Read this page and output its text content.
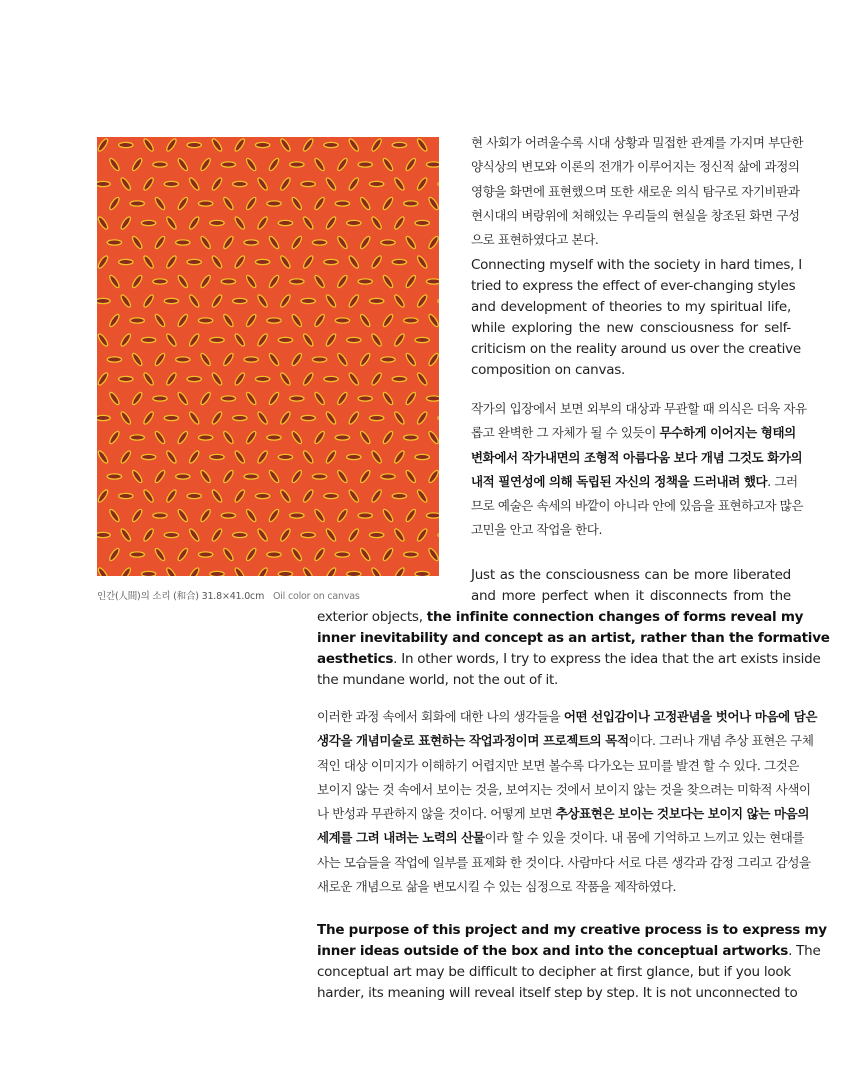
인간(人間)의 소리 (和合) 31.8×41.0cm Oil color on canvas
현 사회가 어려울수록 시대 상황과 밀접한 관계를 가지며 부단한
양식상의 변모와 이론의 전개가 이루어지는 정신적 삶에 과정의
영향을 화면에 표현했으며 또한 새로운 의식 탐구로 자기비판과
현시대의 벼랑위에 처해있는 우리들의 현실을 창조된 화면 구성
으로 표현하였다고 본다.
Connecting myself with the society in hard times, I
tried to express the effect of ever-changing styles
and development of theories to my spiritual life,
while exploring the new consciousness for self-
criticism on the reality around us over the creative
composition on canvas.
작가의 입장에서 보면 외부의 대상과 무관할 때 의식은 더욱 자유
롭고 완벽한 그 자체가 될 수 있듯이 무수하게 이어지는 형태의
변화에서 작가내면의 조형적 아름다움 보다 개념 그것도 화가의
내적 필연성에 의해 독립된 자신의 정책을 드러내려 했다. 그러
므로 예술은 속세의 바깥이 아니라 안에 있음을 표현하고자 많은
고민을 안고 작업을 한다.
Just as the consciousness can be more liberated
and more perfect when it disconnects from the
exterior objects, the infinite connection changes of forms reveal my
inner inevitability and concept as an artist, rather than the formative
aesthetics. In other words, I try to express the idea that the art exists inside
the mundane world, not the out of it.
이러한 과정 속에서 회화에 대한 나의 생각들을 어떤 선입감이나 고정관념을 벗어나 마음에 담은
생각을 개념미술로 표현하는 작업과정이며 프로젝트의 목적이다. 그러나 개념 추상 표현은 구체
적인 대상 이미지가 이해하기 어렵지만 보면 볼수록 다가오는 묘미를 발견 할 수 있다. 그것은
보이지 않는 것 속에서 보이는 것을, 보여지는 것에서 보이지 않는 것을 찾으려는 미학적 사색이
나 반성과 무관하지 않을 것이다. 어떻게 보면 추상표현은 보이는 것보다는 보이지 않는 마음의
세계를 그려 내려는 노력의 산물이라 할 수 있을 것이다. 내 몸에 기억하고 느끼고 있는 현대를
사는 모습들을 작업에 일부를 표제화 한 것이다. 사람마다 서로 다른 생각과 감정 그리고 감성을
새로운 개념으로 삶을 변모시킬 수 있는 심정으로 작품을 제작하였다.
The purpose of this project and my creative process is to express my
inner ideas outside of the box and into the conceptual artworks. The
conceptual art may be difficult to decipher at first glance, but if you look
harder, its meaning will reveal itself step by step. It is not unconnected to
